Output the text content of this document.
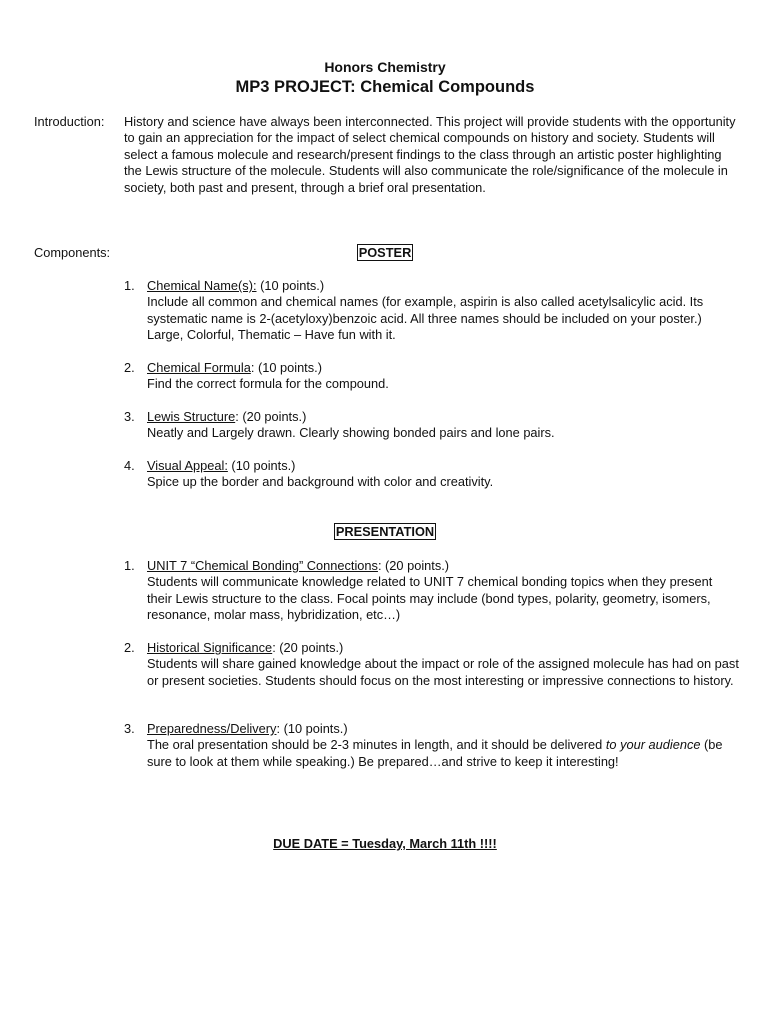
Honors Chemistry
MP3 PROJECT: Chemical Compounds
Introduction: History and science have always been interconnected. This project will provide students with the opportunity to gain an appreciation for the impact of select chemical compounds on history and society. Students will select a famous molecule and research/present findings to the class through an artistic poster highlighting the Lewis structure of the molecule. Students will also communicate the role/significance of the molecule in society, both past and present, through a brief oral presentation.
Components:	POSTER
1. Chemical Name(s): (10 points.)
Include all common and chemical names (for example, aspirin is also called acetylsalicylic acid. Its systematic name is 2-(acetyloxy)benzoic acid. All three names should be included on your poster.) Large, Colorful, Thematic – Have fun with it.
2. Chemical Formula: (10 points.)
Find the correct formula for the compound.
3. Lewis Structure: (20 points.)
Neatly and Largely drawn. Clearly showing bonded pairs and lone pairs.
4. Visual Appeal: (10 points.)
Spice up the border and background with color and creativity.
PRESENTATION
1. UNIT 7 “Chemical Bonding” Connections: (20 points.)
Students will communicate knowledge related to UNIT 7 chemical bonding topics when they present their Lewis structure to the class. Focal points may include (bond types, polarity, geometry, isomers, resonance, molar mass, hybridization, etc…)
2. Historical Significance: (20 points.)
Students will share gained knowledge about the impact or role of the assigned molecule has had on past or present societies. Students should focus on the most interesting or impressive connections to history.
3. Preparedness/Delivery: (10 points.)
The oral presentation should be 2-3 minutes in length, and it should be delivered to your audience (be sure to look at them while speaking.) Be prepared…and strive to keep it interesting!
DUE DATE = Tuesday, March 11th !!!!
